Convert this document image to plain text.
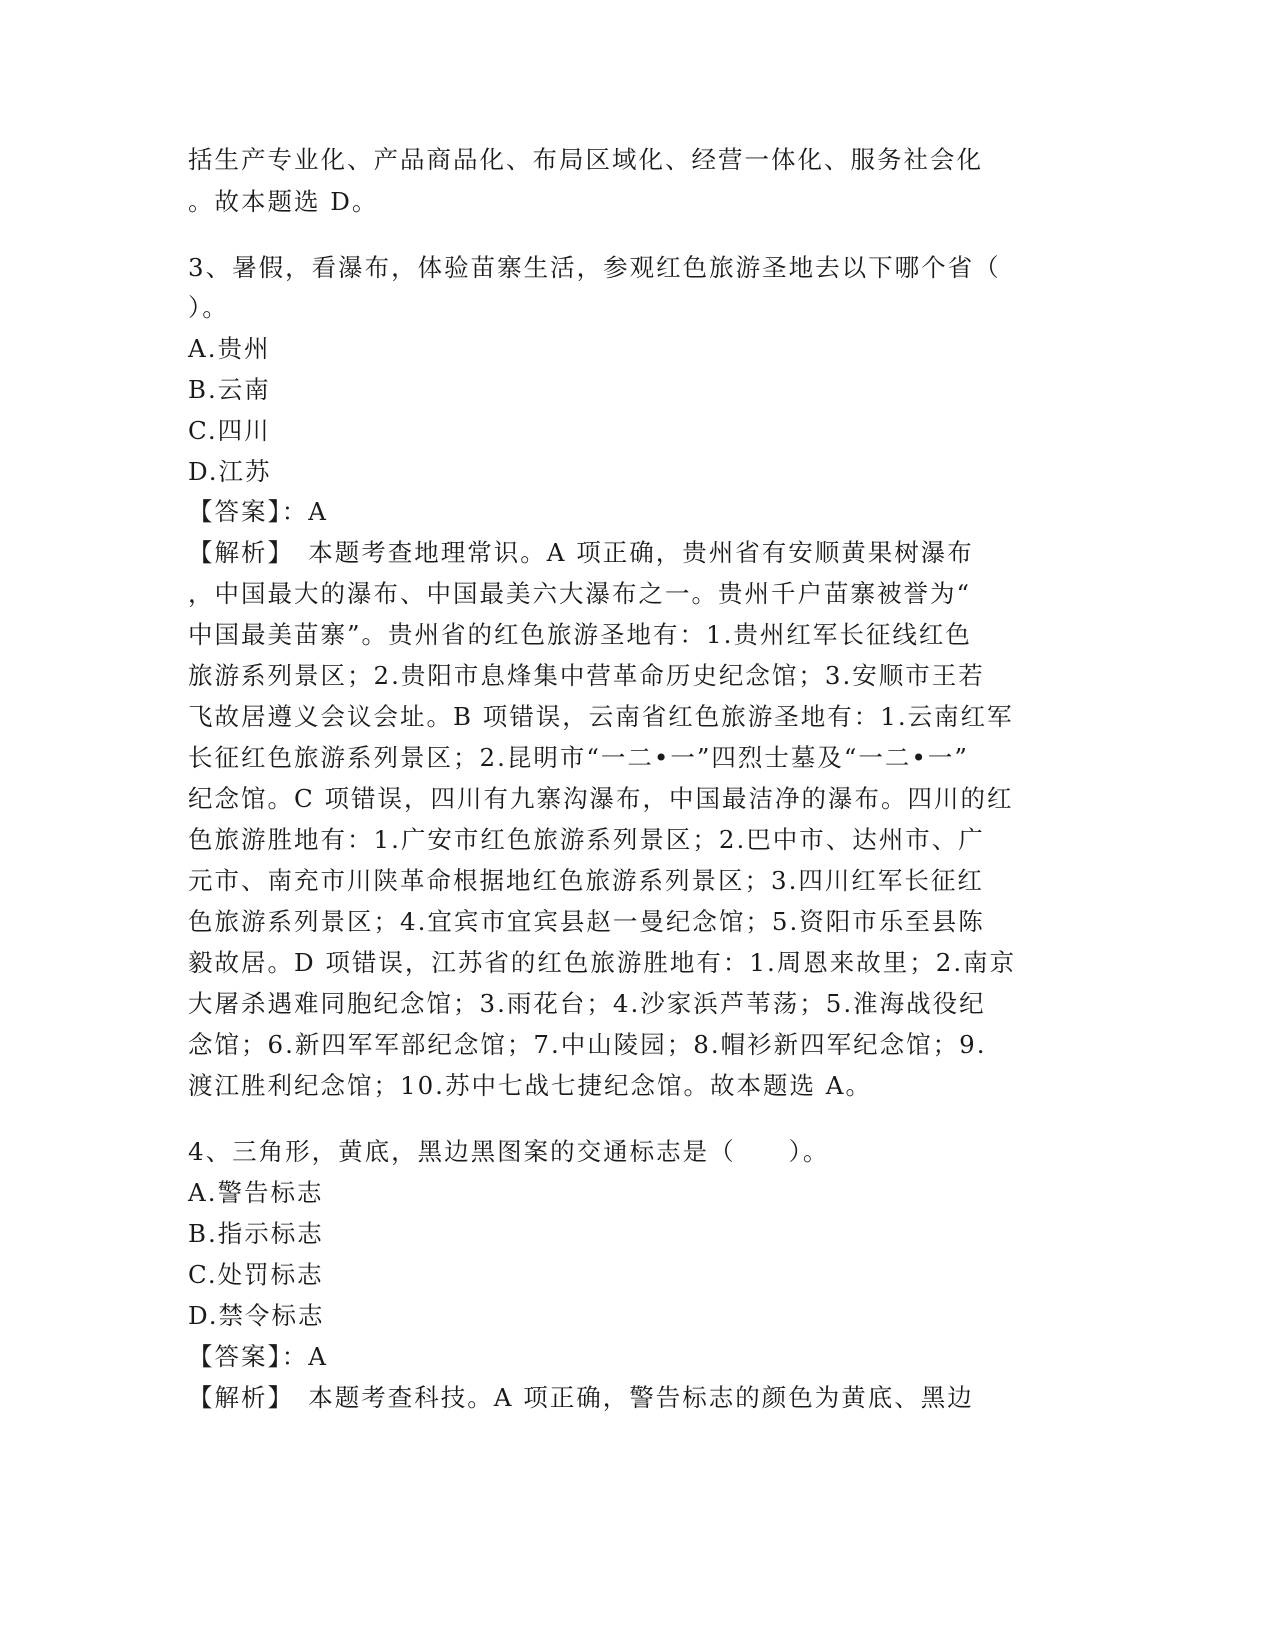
括生产专业化、产品商品化、布局区域化、经营一体化、服务社会化
。故本题选 D。
3、暑假，看瀑布，体验苗寨生活，参观红色旅游圣地去以下哪个省（
）。
A.贵州
B.云南
C.四川
D.江苏
【答案】：A
【解析】　本题考查地理常识。A 项正确，贵州省有安顺黄果树瀑布
，中国最大的瀑布、中国最美六大瀑布之一。贵州千户苗寨被誉为“
中国最美苗寨”。贵州省的红色旅游圣地有：1.贵州红军长征线红色
旅游系列景区；2.贵阳市息烽集中营革命历史纪念馆；3.安顺市王若
飞故居遵义会议会址。B 项错误，云南省红色旅游圣地有：1.云南红军
长征红色旅游系列景区；2.昆明市“一二•一”四烈士墓及“一二•一”
纪念馆。C 项错误，四川有九寨沟瀑布，中国最洁净的瀑布。四川的红
色旅游胜地有：1.广安市红色旅游系列景区；2.巴中市、达州市、广
元市、南充市川陕革命根据地红色旅游系列景区；3.四川红军长征红
色旅游系列景区；4.宜宾市宜宾县赵一曼纪念馆；5.资阳市乐至县陈
毅故居。D 项错误，江苏省的红色旅游胜地有：1.周恩来故里；2.南京
大屠杀遇难同胞纪念馆；3.雨花台；4.沙家浜芦苇荡；5.淮海战役纪
念馆；6.新四军军部纪念馆；7.中山陵园；8.帽衫新四军纪念馆；9.
渡江胜利纪念馆；10.苏中七战七捷纪念馆。故本题选 A。
4、三角形，黄底，黑边黑图案的交通标志是（　　）。
A.警告标志
B.指示标志
C.处罚标志
D.禁令标志
【答案】：A
【解析】　本题考查科技。A 项正确，警告标志的颜色为黄底、黑边
